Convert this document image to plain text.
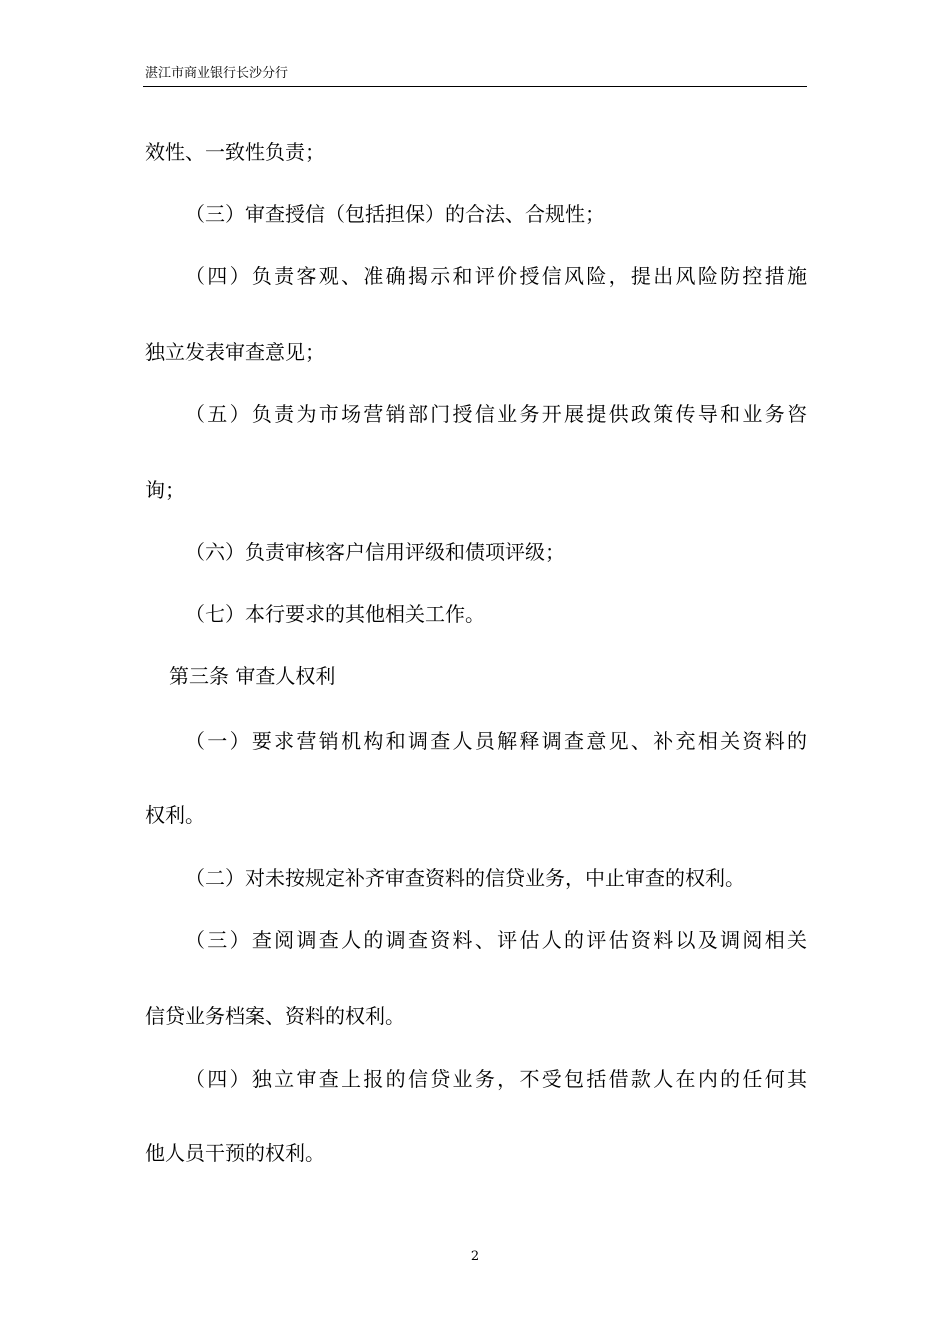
湛江市商业银行长沙分行
效性、一致性负责；
（三）审查授信（包括担保）的合法、合规性；
（四）负责客观、准确揭示和评价授信风险，提出风险防控措施
独立发表审查意见；
（五）负责为市场营销部门授信业务开展提供政策传导和业务咨
询；
（六）负责审核客户信用评级和债项评级；
（七）本行要求的其他相关工作。
第三条 审查人权利
（一）要求营销机构和调查人员解释调查意见、补充相关资料的
权利。
（二）对未按规定补齐审查资料的信贷业务，中止审查的权利。
（三）查阅调查人的调查资料、评估人的评估资料以及调阅相关
信贷业务档案、资料的权利。
（四）独立审查上报的信贷业务，不受包括借款人在内的任何其
他人员干预的权利。
2
